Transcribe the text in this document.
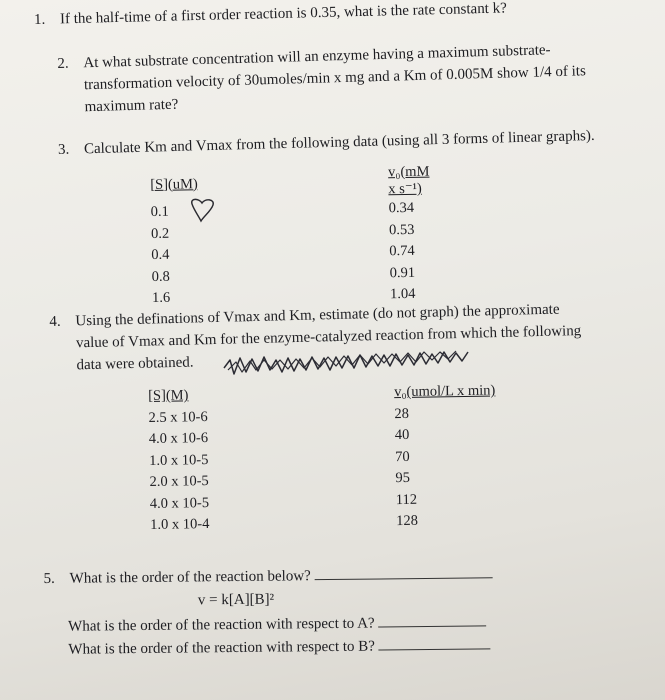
1. If the half-time of a first order reaction is 0.35, what is the rate constant k?
2. At what substrate concentration will an enzyme having a maximum substrate-
transformation velocity of 30umoles/min x mg and a Km of 0.005M show 1/4 of its
maximum rate?
3. Calculate Km and Vmax from the following data (using all 3 forms of linear graphs).
[S](uM)	v₀(mM x s⁻¹)
0.1	0.34
0.2	0.53
0.4	0.74
0.8	0.91
1.6	1.04

4. Using the definations of Vmax and Km, estimate (do not graph) the approximate
value of Vmax and Km for the enzyme-catalyzed reaction from which the following
data were obtained.
[S](M)	v₀(umol/L x min)
2.5 x 10-6	28
4.0 x 10-6	40
1.0 x 10-5	70
2.0 x 10-5	95
4.0 x 10-5	112
1.0 x 10-4	128
5. What is the order of the reaction below?
v = k[A][B]²
What is the order of the reaction with respect to A?
What is the order of the reaction with respect to B?
